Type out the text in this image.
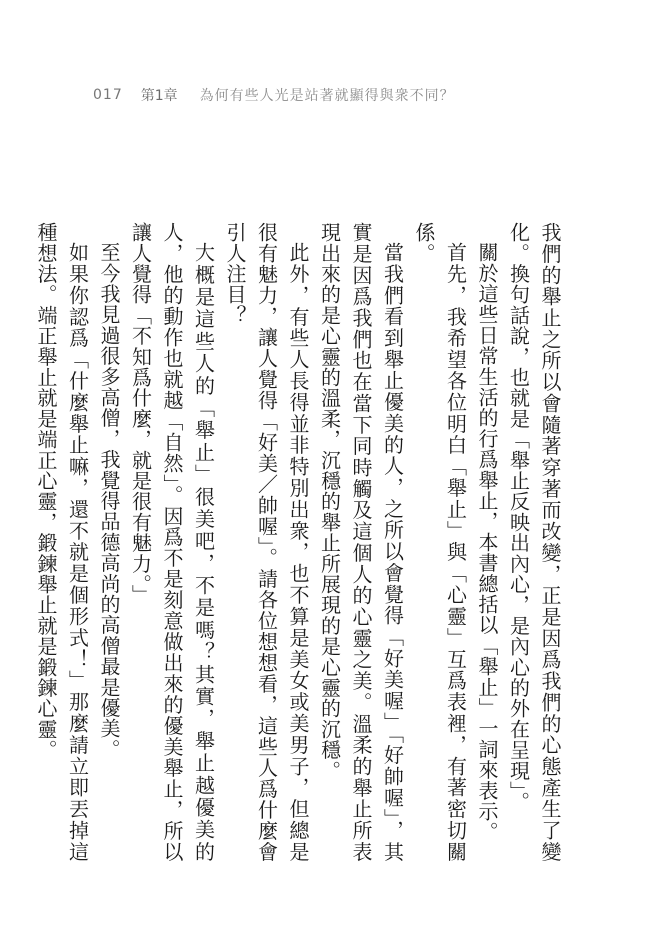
017 第1章 為何有些人光是站著就顯得與衆不同？

我們的舉止之所以會隨著穿著而改變，正是因爲我們的心態產生了變化。換句話說，也就是「舉止反映出內心，是內心的外在呈現」。

關於這些日常生活的行爲舉止，本書總括以「舉止」一詞來表示。

首先，我希望各位明白「舉止」與「心靈」互爲表裡，有著密切關係。

當我們看到舉止優美的人，之所以會覺得「好美喔」「好帥喔」，其實是因爲我們也在當下同時觸及這個人的心靈之美。溫柔的舉止所表現出來的是心靈的溫柔，沉穩的舉止所展現的是心靈的沉穩。

此外，有些人長得並非特別出衆，也不算是美女或美男子，但總是很有魅力，讓人覺得「好美／帥喔」。請各位想想看，這些人爲什麼會引人注目？

大概是這些人的「舉止」很美吧，不是嗎？其實，舉止越優美的人，他的動作也就越「自然」。因爲不是刻意做出來的優美舉止，所以讓人覺得「不知爲什麼，就是很有魅力。」

至今我見過很多高僧，我覺得品德高尚的高僧最是優美。

如果你認爲「什麼舉止嘛，還不就是個形式！」那麼請立即丟掉這種想法。端正舉止就是端正心靈，鍛鍊舉止就是鍛鍊心靈。
